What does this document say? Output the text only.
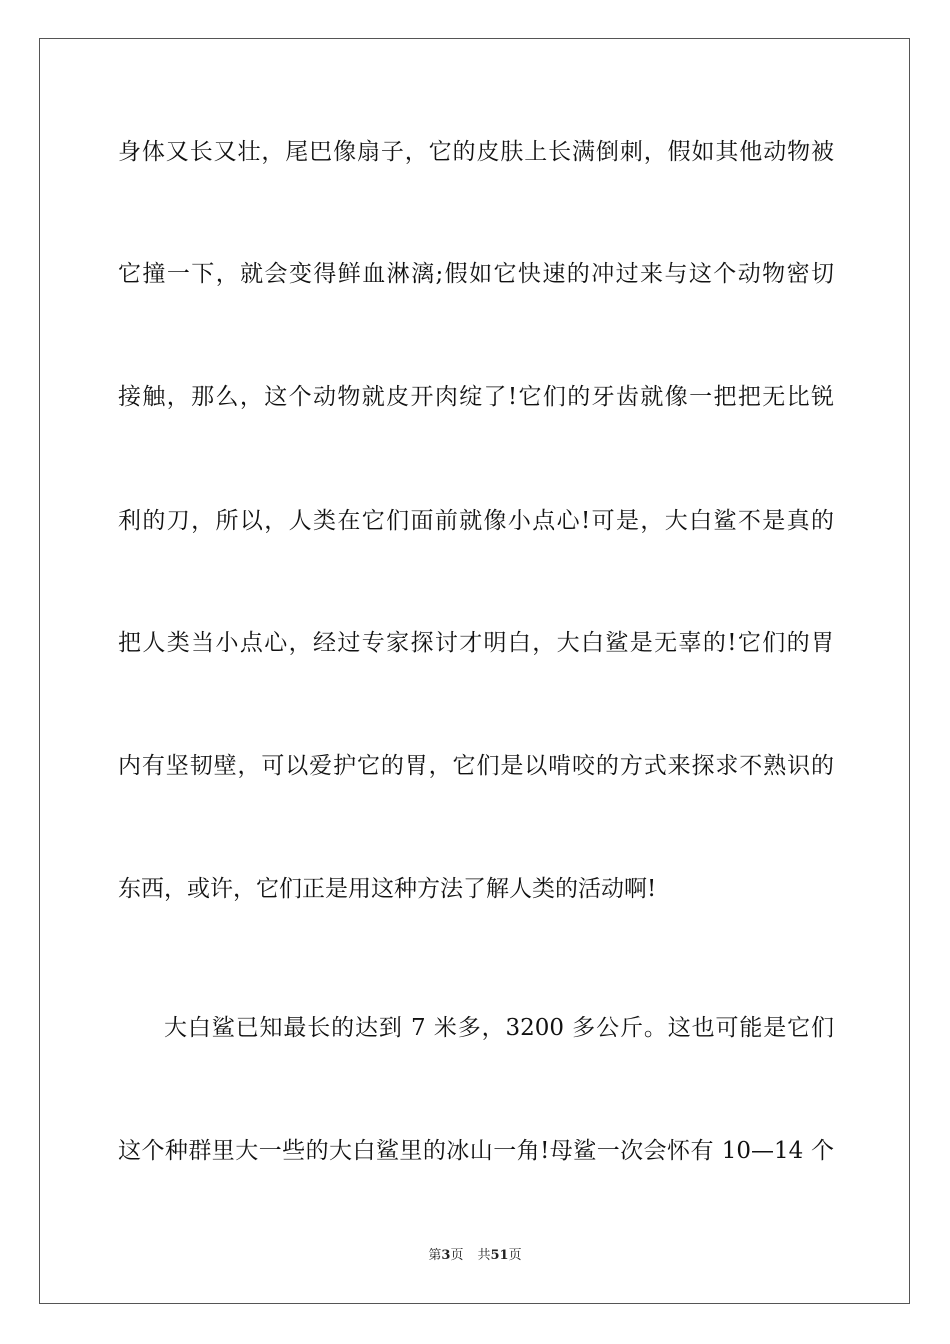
身体又长又壮，尾巴像扇子，它的皮肤上长满倒刺，假如其他动物被
它撞一下，就会变得鲜血淋漓;假如它快速的冲过来与这个动物密切
接触，那么，这个动物就皮开肉绽了!它们的牙齿就像一把把无比锐
利的刀，所以，人类在它们面前就像小点心!可是，大白鲨不是真的
把人类当小点心，经过专家探讨才明白，大白鲨是无辜的!它们的胃
内有坚韧壁，可以爱护它的胃，它们是以啃咬的方式来探求不熟识的
东西，或许，它们正是用这种方法了解人类的活动啊!
大白鲨已知最长的达到 7 米多，3200 多公斤。这也可能是它们
这个种群里大一些的大白鲨里的冰山一角!母鲨一次会怀有 10—14 个
第3页 共51页
